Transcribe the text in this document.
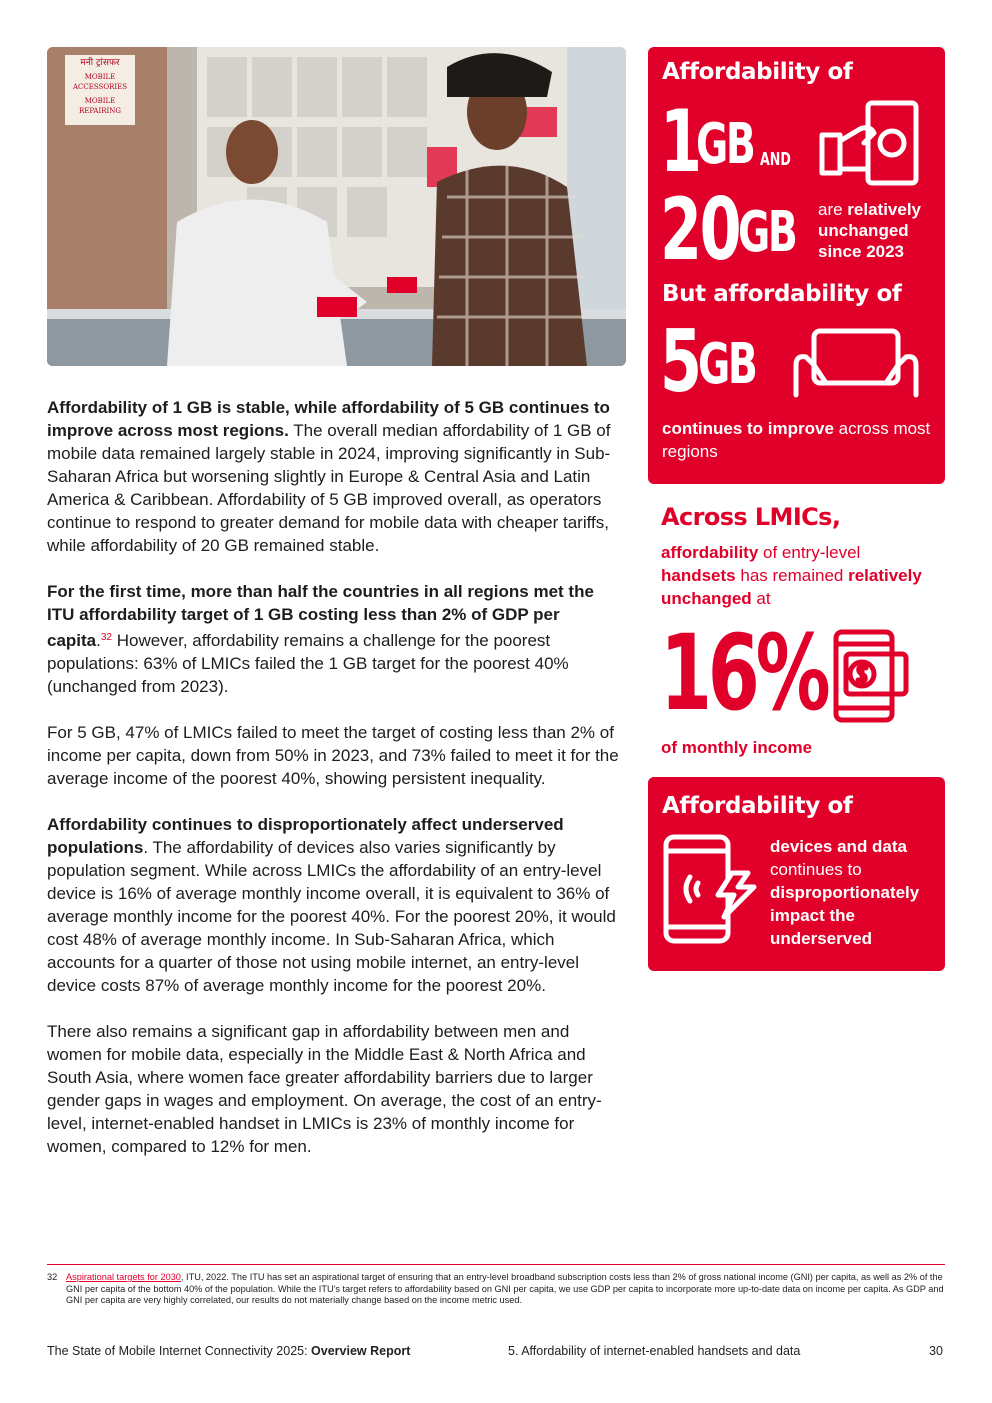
मनी ट्रांसफर
MOBILE
ACCESSORIES
MOBILE
REPAIRING

Affordability of 1 GB is stable, while affordability of 5 GB continues to improve across most regions. The overall median affordability of 1 GB of mobile data remained largely stable in 2024, improving significantly in Sub-Saharan Africa but worsening slightly in Europe & Central Asia and Latin America & Caribbean. Affordability of 5 GB improved overall, as operators continue to respond to greater demand for mobile data with cheaper tariffs, while affordability of 20 GB remained stable.

For the first time, more than half the countries in all regions met the ITU affordability target of 1 GB costing less than 2% of GDP per capita.$^{32}$ However, affordability remains a challenge for the poorest populations: 63% of LMICs failed the 1 GB target for the poorest 40% (unchanged from 2023).

For 5 GB, 47% of LMICs failed to meet the target of costing less than 2% of income per capita, down from 50% in 2023, and 73% failed to meet it for the average income of the poorest 40%, showing persistent inequality.

Affordability continues to disproportionately affect underserved populations. The affordability of devices also varies significantly by population segment. While across LMICs the affordability of an entry-level device is 16% of average monthly income overall, it is equivalent to 36% of average monthly income for the poorest 40%. For the poorest 20%, it would cost 48% of average monthly income. In Sub-Saharan Africa, which accounts for a quarter of those not using mobile internet, an entry-level device costs 87% of average monthly income for the poorest 20%.

There also remains a significant gap in affordability between men and women for mobile data, especially in the Middle East & North Africa and South Asia, where women face greater affordability barriers due to larger gender gaps in wages and employment. On average, the cost of an entry-level, internet-enabled handset in LMICs is 23% of monthly income for women, compared to 12% for men.

Affordability of
1
GB AND
20
GB are relatively unchanged since 2023
But affordability of
5
GB
continues to improve across most regions
Across LMICs,
affordability of entry-level handsets has remained relatively unchanged at
16%
of monthly income
Affordability of
devices and data continues to disproportionately impact the underserved
32 Aspirational targets for 2030, ITU, 2022. The ITU has set an aspirational target of ensuring that an entry-level broadband subscription costs less than 2% of gross national income (GNI) per capita, as well as 2% of the GNI per capita of the bottom 40% of the population. While the ITU's target refers to affordability based on GNI per capita, we use GDP per capita to incorporate more up-to-date data on income per capita. As GDP and GNI per capita are very highly correlated, our results do not materially change based on the income metric used.
The State of Mobile Internet Connectivity 2025: Overview Report	5. Affordability of internet-enabled handsets and data	30
